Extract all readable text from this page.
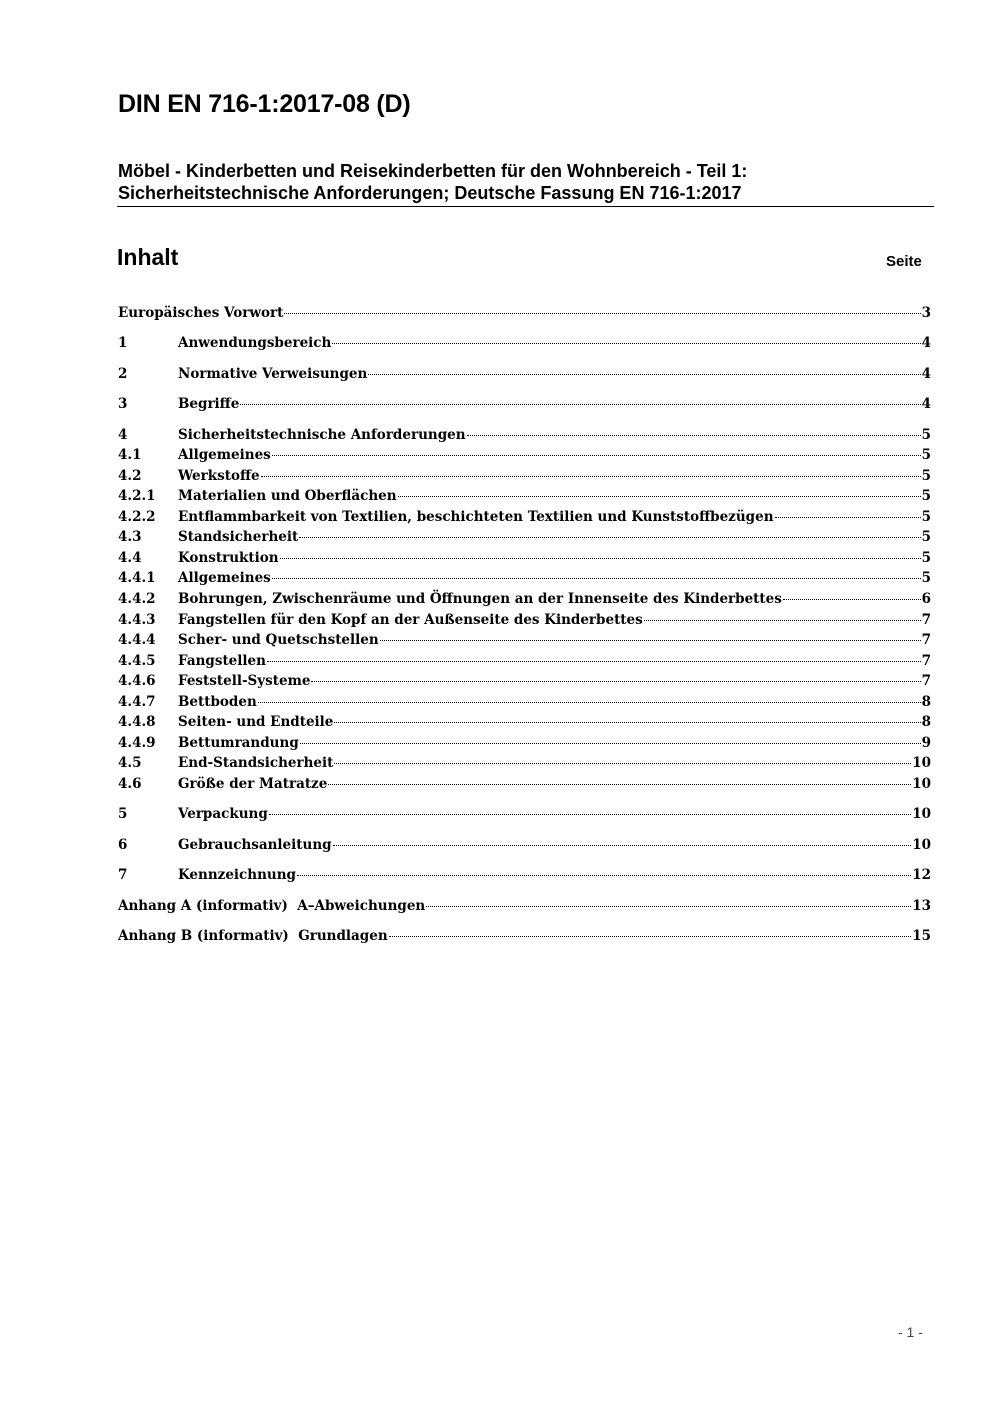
DIN EN 716-1:2017-08 (D)
Möbel - Kinderbetten und Reisekinderbetten für den Wohnbereich - Teil 1:
Sicherheitstechnische Anforderungen; Deutsche Fassung EN 716-1:2017
Inhalt	Seite
Europäisches Vorwort	3
1	Anwendungsbereich	4
2	Normative Verweisungen	4
3	Begriffe	4
4	Sicherheitstechnische Anforderungen	5
4.1	Allgemeines	5
4.2	Werkstoffe	5
4.2.1	Materialien und Oberflächen	5
4.2.2	Entflammbarkeit von Textilien, beschichteten Textilien und Kunststoffbezügen	5
4.3	Standsicherheit	5
4.4	Konstruktion	5
4.4.1	Allgemeines	5
4.4.2	Bohrungen, Zwischenräume und Öffnungen an der Innenseite des Kinderbettes	6
4.4.3	Fangstellen für den Kopf an der Außenseite des Kinderbettes	7
4.4.4	Scher- und Quetschstellen	7
4.4.5	Fangstellen	7
4.4.6	Feststell-Systeme	7
4.4.7	Bettboden	8
4.4.8	Seiten- und Endteile	8
4.4.9	Bettumrandung	9
4.5	End-Standsicherheit	10
4.6	Größe der Matratze	10
5	Verpackung	10
6	Gebrauchsanleitung	10
7	Kennzeichnung	12
Anhang A (informativ)  A–Abweichungen	13
Anhang B (informativ)  Grundlagen	15
- 1 -
